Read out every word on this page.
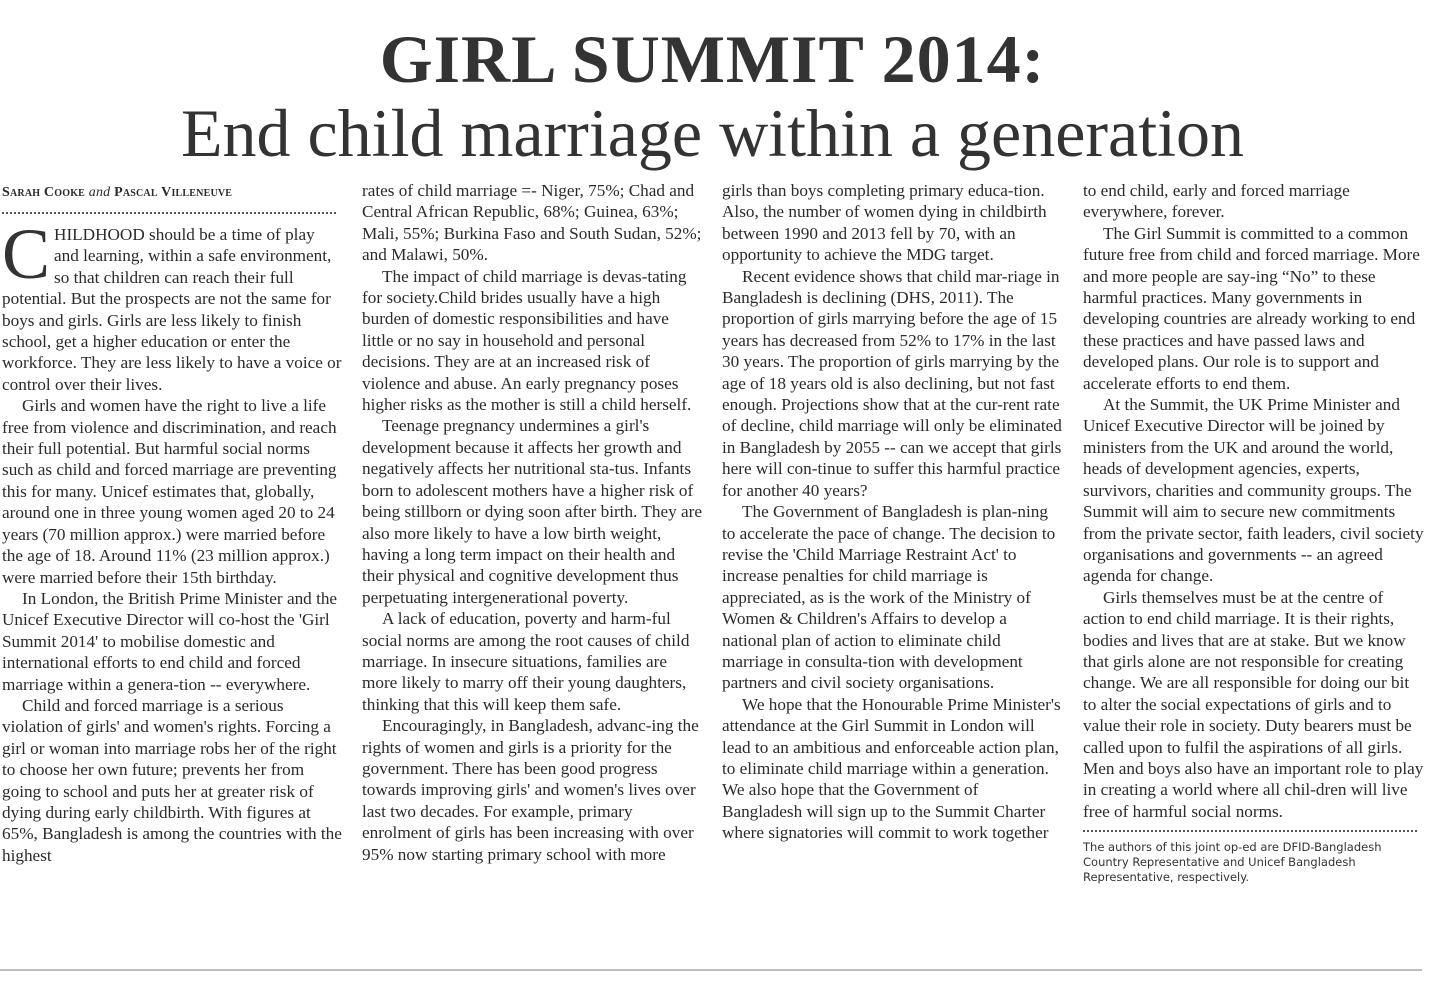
GIRL SUMMIT 2014:
End child marriage within a generation
Sarah Cooke and Pascal Villeneuve

CHILDHOOD should be a time of play and learning, within a safe environment, so that children can reach their full potential. But the prospects are not the same for boys and girls. Girls are less likely to finish school, get a higher education or enter the workforce. They are less likely to have a voice or control over their lives.

Girls and women have the right to live a life free from violence and discrimination, and reach their full potential. But harmful social norms such as child and forced marriage are preventing this for many. Unicef estimates that, globally, around one in three young women aged 20 to 24 years (70 million approx.) were married before the age of 18. Around 11% (23 million approx.) were married before their 15th birthday.

In London, the British Prime Minister and the Unicef Executive Director will co-host the 'Girl Summit 2014' to mobilise domestic and international efforts to end child and forced marriage within a genera-tion -- everywhere.

Child and forced marriage is a serious violation of girls' and women's rights. Forcing a girl or woman into marriage robs her of the right to choose her own future; prevents her from going to school and puts her at greater risk of dying during early childbirth. With figures at 65%, Bangladesh is among the countries with the highest

rates of child marriage =- Niger, 75%; Chad and Central African Republic, 68%; Guinea, 63%; Mali, 55%; Burkina Faso and South Sudan, 52%; and Malawi, 50%.

The impact of child marriage is devas-tating for society.Child brides usually have a high burden of domestic responsibilities and have little or no say in household and personal decisions. They are at an increased risk of violence and abuse. An early pregnancy poses higher risks as the mother is still a child herself.

Teenage pregnancy undermines a girl's development because it affects her growth and negatively affects her nutritional sta-tus. Infants born to adolescent mothers have a higher risk of being stillborn or dying soon after birth. They are also more likely to have a low birth weight, having a long term impact on their health and their physical and cognitive development thus perpetuating intergenerational poverty.

A lack of education, poverty and harm-ful social norms are among the root causes of child marriage. In insecure situations, families are more likely to marry off their young daughters, thinking that this will keep them safe.

Encouragingly, in Bangladesh, advanc-ing the rights of women and girls is a priority for the government. There has been good progress towards improving girls' and women's lives over last two decades. For example, primary enrolment of girls has been increasing with over 95% now starting primary school with more

girls than boys completing primary educa-tion. Also, the number of women dying in childbirth between 1990 and 2013 fell by 70, with an opportunity to achieve the MDG target.

Recent evidence shows that child mar-riage in Bangladesh is declining (DHS, 2011). The proportion of girls marrying before the age of 15 years has decreased from 52% to 17% in the last 30 years. The proportion of girls marrying by the age of 18 years old is also declining, but not fast enough. Projections show that at the cur-rent rate of decline, child marriage will only be eliminated in Bangladesh by 2055 -- can we accept that girls here will con-tinue to suffer this harmful practice for another 40 years?

The Government of Bangladesh is plan-ning to accelerate the pace of change. The decision to revise the 'Child Marriage Restraint Act' to increase penalties for child marriage is appreciated, as is the work of the Ministry of Women & Children's Affairs to develop a national plan of action to eliminate child marriage in consulta-tion with development partners and civil society organisations.

We hope that the Honourable Prime Minister's attendance at the Girl Summit in London will lead to an ambitious and enforceable action plan, to eliminate child marriage within a generation. We also hope that the Government of Bangladesh will sign up to the Summit Charter where signatories will commit to work together

to end child, early and forced marriage everywhere, forever.

The Girl Summit is committed to a common future free from child and forced marriage. More and more people are say-ing “No” to these harmful practices. Many governments in developing countries are already working to end these practices and have passed laws and developed plans. Our role is to support and accelerate efforts to end them.

At the Summit, the UK Prime Minister and Unicef Executive Director will be joined by ministers from the UK and around the world, heads of development agencies, experts, survivors, charities and community groups. The Summit will aim to secure new commitments from the private sector, faith leaders, civil society organisations and governments -- an agreed agenda for change.

Girls themselves must be at the centre of action to end child marriage. It is their rights, bodies and lives that are at stake. But we know that girls alone are not responsible for creating change. We are all responsible for doing our bit to alter the social expectations of girls and to value their role in society. Duty bearers must be called upon to fulfil the aspirations of all girls. Men and boys also have an important role to play in creating a world where all chil-dren will live free of harmful social norms.

The authors of this joint op-ed are DFID-Bangladesh Country Representative and Unicef Bangladesh Representative, respectively.
